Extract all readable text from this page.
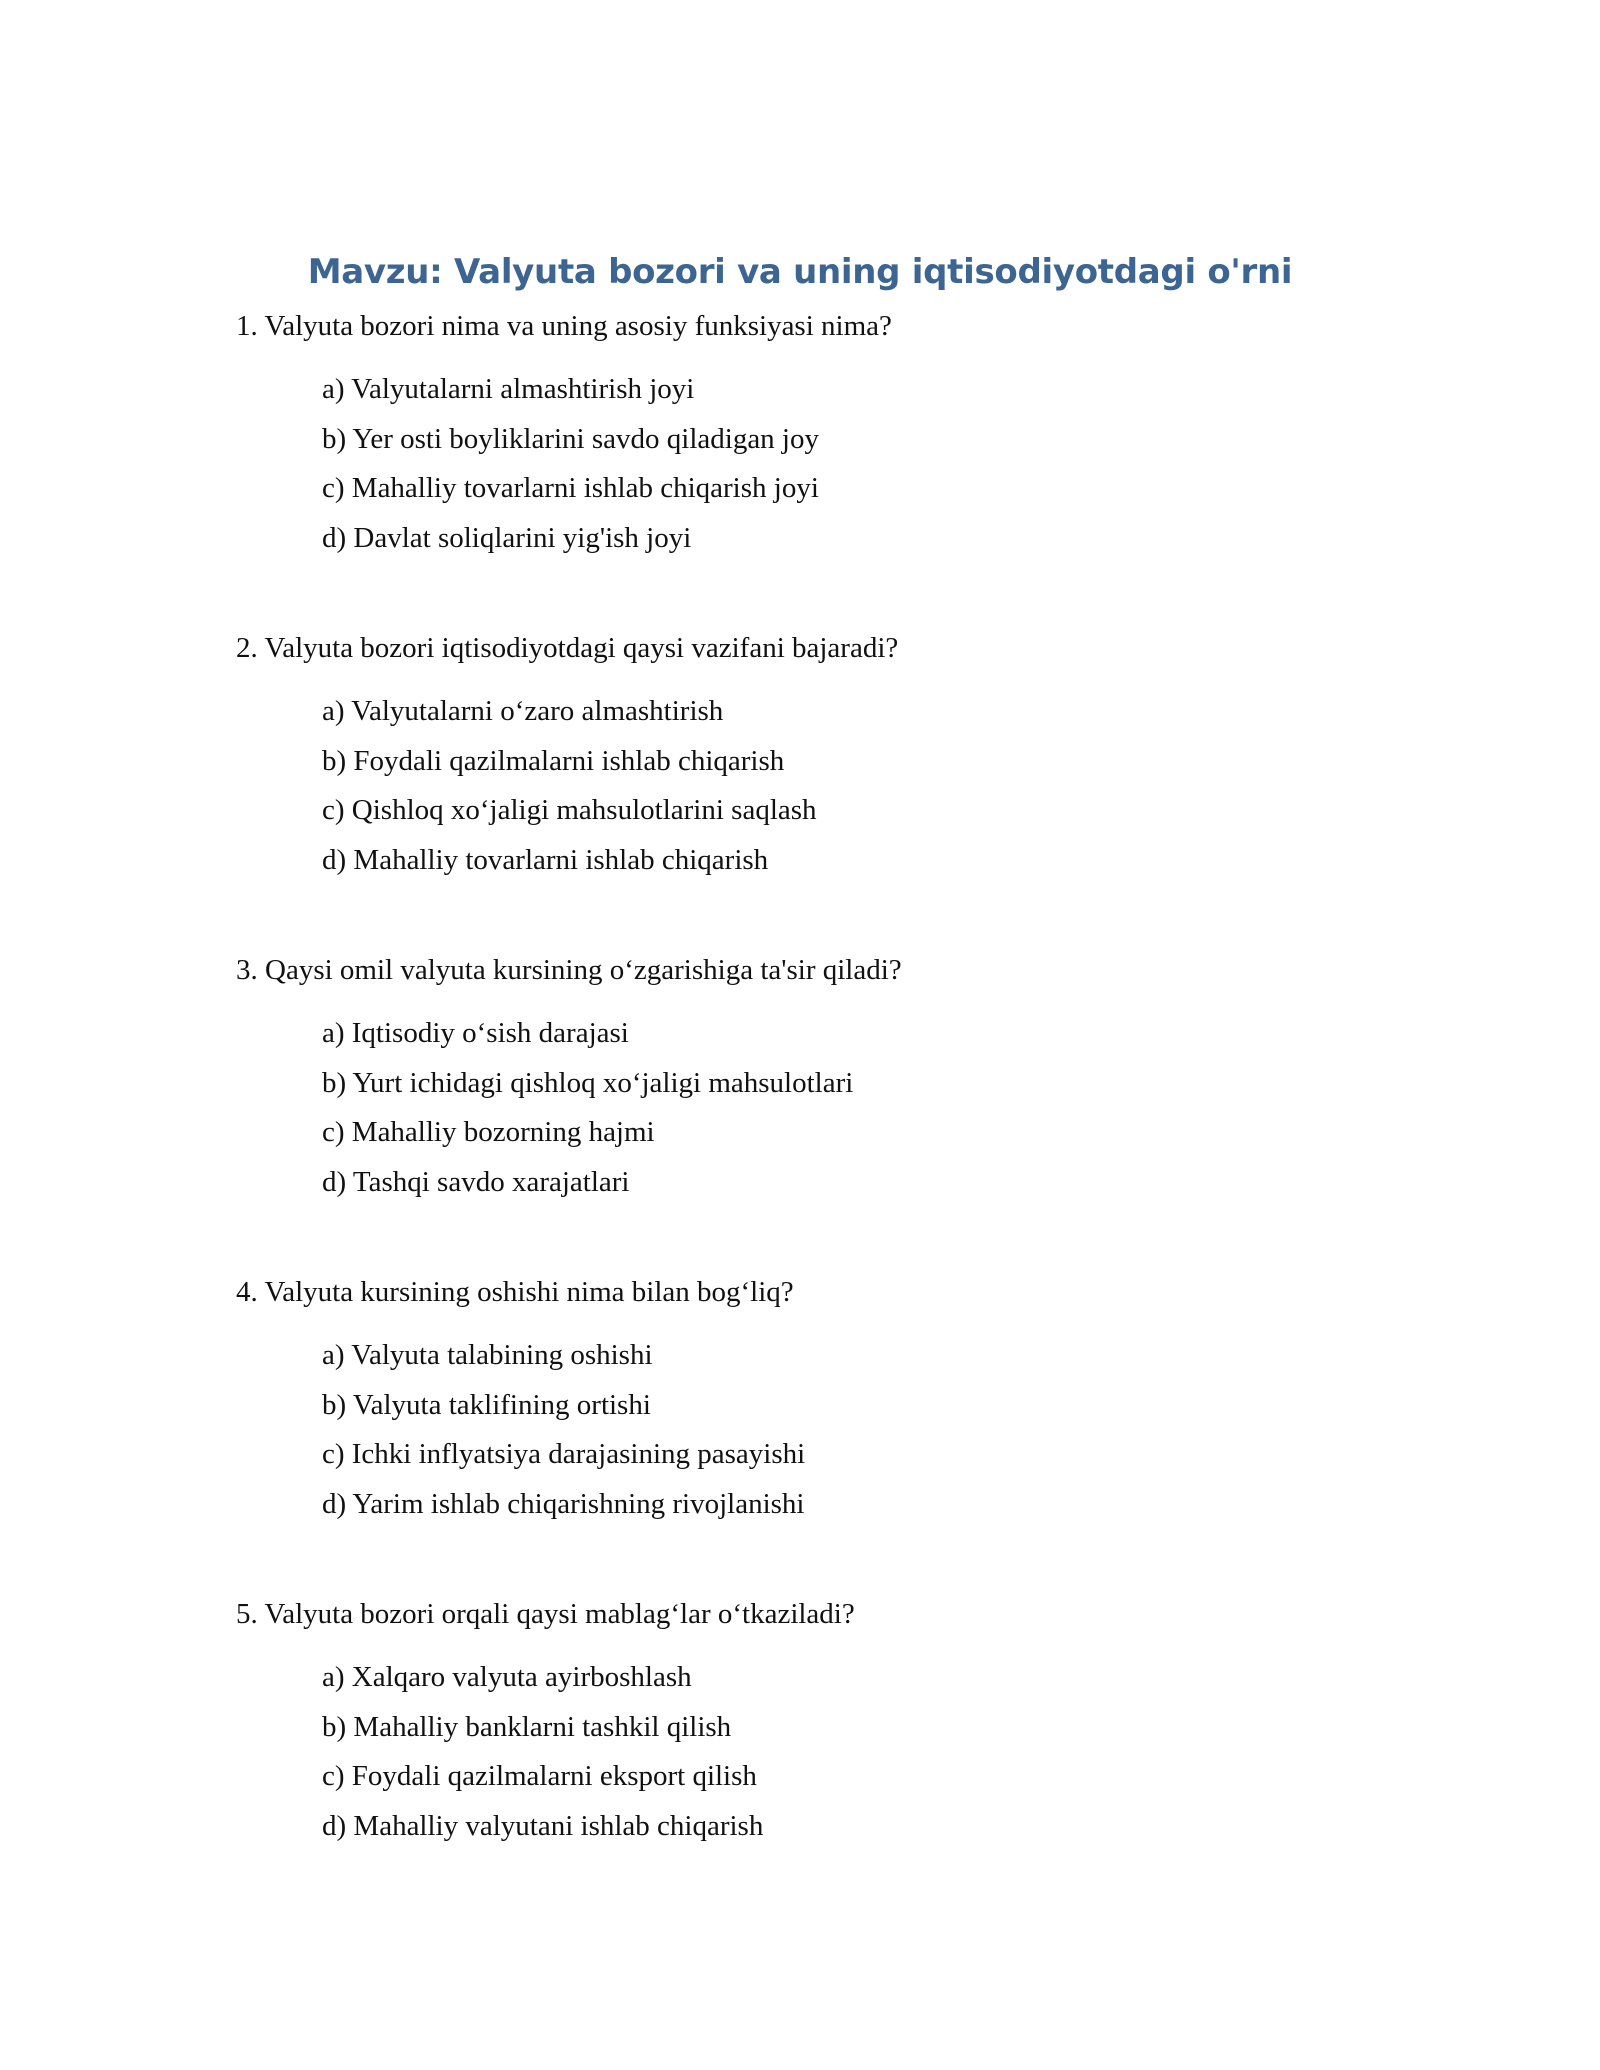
Mavzu: Valyuta bozori va uning iqtisodiyotdagi o'rni
1. Valyuta bozori nima va uning asosiy funksiyasi nima?
a) Valyutalarni almashtirish joyi
b) Yer osti boyliklarini savdo qiladigan joy
c) Mahalliy tovarlarni ishlab chiqarish joyi
d) Davlat soliqlarini yig'ish joyi
2. Valyuta bozori iqtisodiyotdagi qaysi vazifani bajaradi?
a) Valyutalarni o‘zaro almashtirish
b) Foydali qazilmalarni ishlab chiqarish
c) Qishloq xo‘jaligi mahsulotlarini saqlash
d) Mahalliy tovarlarni ishlab chiqarish
3. Qaysi omil valyuta kursining o‘zgarishiga ta'sir qiladi?
a) Iqtisodiy o‘sish darajasi
b) Yurt ichidagi qishloq xo‘jaligi mahsulotlari
c) Mahalliy bozorning hajmi
d) Tashqi savdo xarajatlari
4. Valyuta kursining oshishi nima bilan bog‘liq?
a) Valyuta talabining oshishi
b) Valyuta taklifining ortishi
c) Ichki inflyatsiya darajasining pasayishi
d) Yarim ishlab chiqarishning rivojlanishi
5. Valyuta bozori orqali qaysi mablag‘lar o‘tkaziladi?
a) Xalqaro valyuta ayirboshlash
b) Mahalliy banklarni tashkil qilish
c) Foydali qazilmalarni eksport qilish
d) Mahalliy valyutani ishlab chiqarish
